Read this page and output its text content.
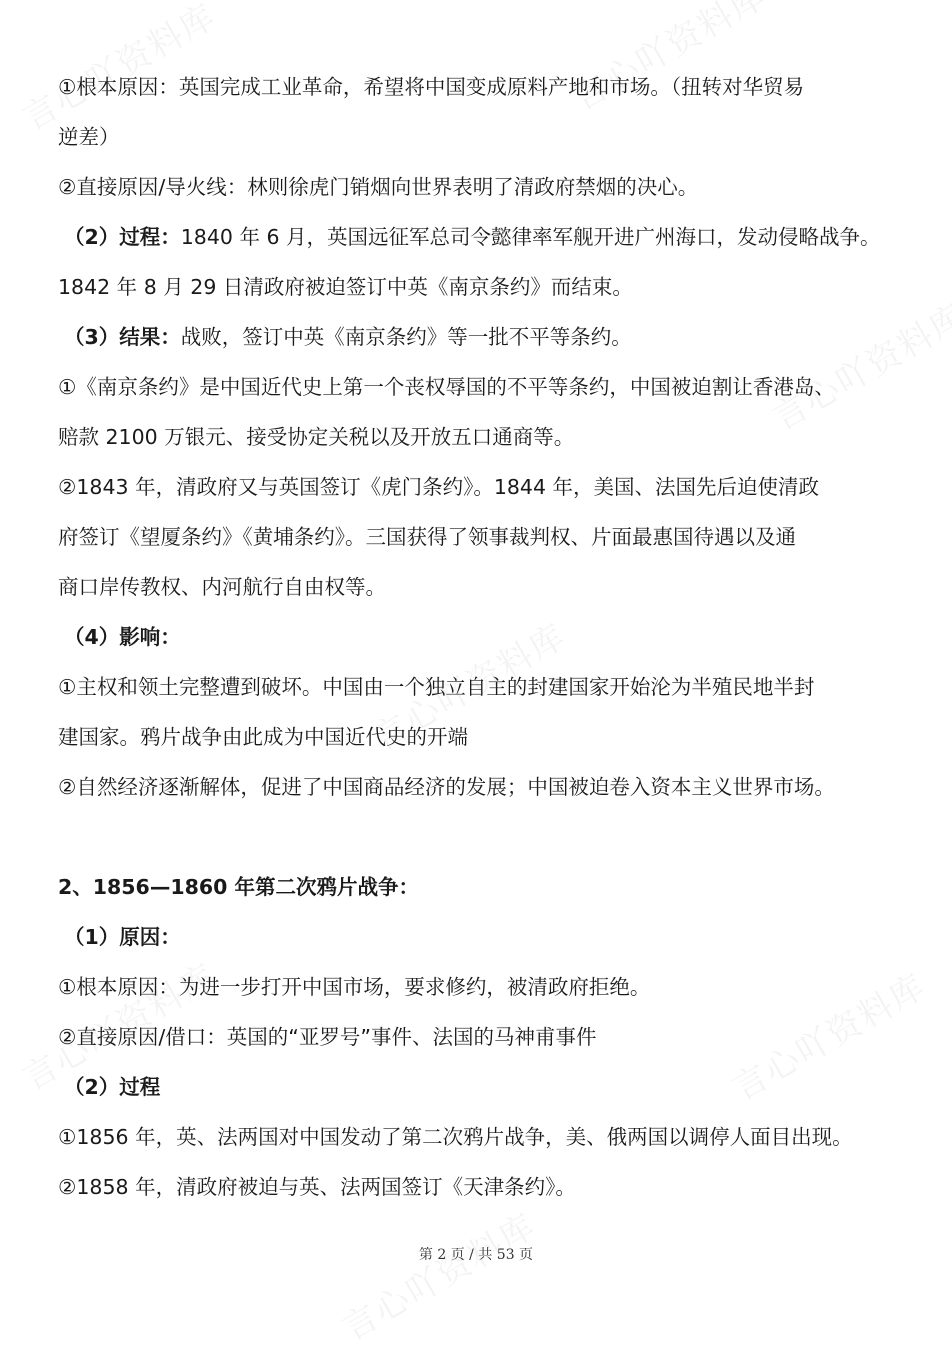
①根本原因：英国完成工业革命，希望将中国变成原料产地和市场。（扭转对华贸易
逆差）
②直接原因/导火线：林则徐虎门销烟向世界表明了清政府禁烟的决心。
（2）过程：1840 年 6 月，英国远征军总司令懿律率军舰开进广州海口，发动侵略战争。
1842 年 8 月 29 日清政府被迫签订中英《南京条约》而结束。
（3）结果：战败，签订中英《南京条约》等一批不平等条约。
①《南京条约》是中国近代史上第一个丧权辱国的不平等条约，中国被迫割让香港岛、
赔款 2100 万银元、接受协定关税以及开放五口通商等。
②1843 年，清政府又与英国签订《虎门条约》。1844 年，美国、法国先后迫使清政
府签订《望厦条约》《黄埔条约》。三国获得了领事裁判权、片面最惠国待遇以及通
商口岸传教权、内河航行自由权等。
（4）影响：
①主权和领土完整遭到破坏。中国由一个独立自主的封建国家开始沦为半殖民地半封
建国家。鸦片战争由此成为中国近代史的开端
②自然经济逐渐解体，促进了中国商品经济的发展；中国被迫卷入资本主义世界市场。
2、1856—1860 年第二次鸦片战争：
（1）原因：
①根本原因：为进一步打开中国市场，要求修约，被清政府拒绝。
②直接原因/借口：英国的“亚罗号”事件、法国的马神甫事件
（2）过程
①1856 年，英、法两国对中国发动了第二次鸦片战争，美、俄两国以调停人面目出现。
②1858 年，清政府被迫与英、法两国签订《天津条约》。
第 2 页 / 共 53 页
